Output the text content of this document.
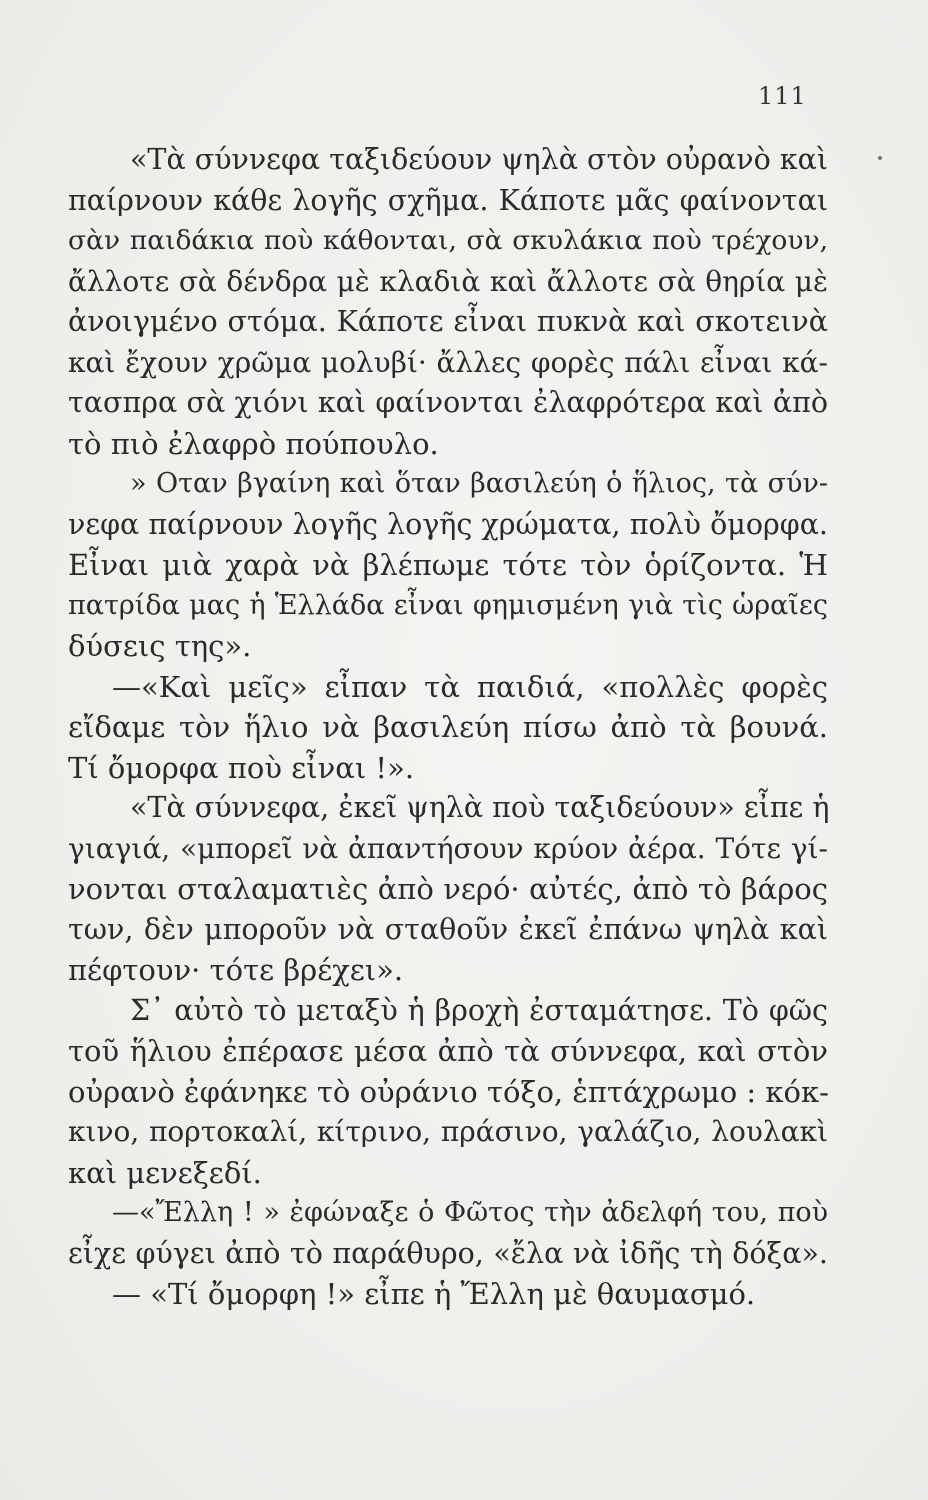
111
«Τὰ σύννεφα ταξιδεύουν ψηλὰ στὸν οὐρανὸ καὶ
παίρνουν κάθε λογῆς σχῆμα. Κάποτε μᾶς φαίνονται
σὰν παιδάκια ποὺ κάθονται, σὰ σκυλάκια ποὺ τρέχουν,
ἄλλοτε σὰ δένδρα μὲ κλαδιὰ καὶ ἄλλοτε σὰ θηρία μὲ
ἀνοιγμένο στόμα. Κάποτε εἶναι πυκνὰ καὶ σκοτεινὰ
καὶ ἔχουν χρῶμα μολυβί· ἄλλες φορὲς πάλι εἶναι κά-
τασπρα σὰ χιόνι καὶ φαίνονται ἐλαφρότερα καὶ ἀπὸ
τὸ πιὸ ἐλαφρὸ πούπουλο.
» Οταν βγαίνη καὶ ὅταν βασιλεύη ὁ ἥλιος, τὰ σύν-
νεφα παίρνουν λογῆς λογῆς χρώματα, πολὺ ὄμορφα.
Εἶναι μιὰ χαρὰ νὰ βλέπωμε τότε τὸν ὁρίζοντα. Ἡ
πατρίδα μας ἡ Ἑλλάδα εἶναι φημισμένη γιὰ τὶς ὡραῖες
δύσεις της».
—«Καὶ μεῖς» εἶπαν τὰ παιδιά, «πολλὲς φορὲς
εἴδαμε τὸν ἥλιο νὰ βασιλεύη πίσω ἀπὸ τὰ βουνά.
Τί ὄμορφα ποὺ εἶναι !».
«Τὰ σύννεφα, ἐκεῖ ψηλὰ ποὺ ταξιδεύουν» εἶπε ἡ
γιαγιά, «μπορεῖ νὰ ἀπαντήσουν κρύον ἀέρα. Τότε γί-
νονται σταλαματιὲς ἀπὸ νερό· αὐτές, ἀπὸ τὸ βάρος
των, δὲν μποροῦν νὰ σταθοῦν ἐκεῖ ἐπάνω ψηλὰ καὶ
πέφτουν· τότε βρέχει».
Σ᾽ αὐτὸ τὸ μεταξὺ ἡ βροχὴ ἐσταμάτησε. Τὸ φῶς
τοῦ ἥλιου ἐπέρασε μέσα ἀπὸ τὰ σύννεφα, καὶ στὸν
οὐρανὸ ἐφάνηκε τὸ οὐράνιο τόξο, ἑπτάχρωμο : κόκ-
κινο, πορτοκαλί, κίτρινο, πράσινο, γαλάζιο, λουλακὶ
καὶ μενεξεδί.
—«Ἔλλη ! » ἐφώναξε ὁ Φῶτος τὴν ἀδελφή του, ποὺ
εἶχε φύγει ἀπὸ τὸ παράθυρο, «ἔλα νὰ ἰδῆς τὴ δόξα».
— «Τί ὄμορφη !» εἶπε ἡ Ἔλλη μὲ θαυμασμό.
